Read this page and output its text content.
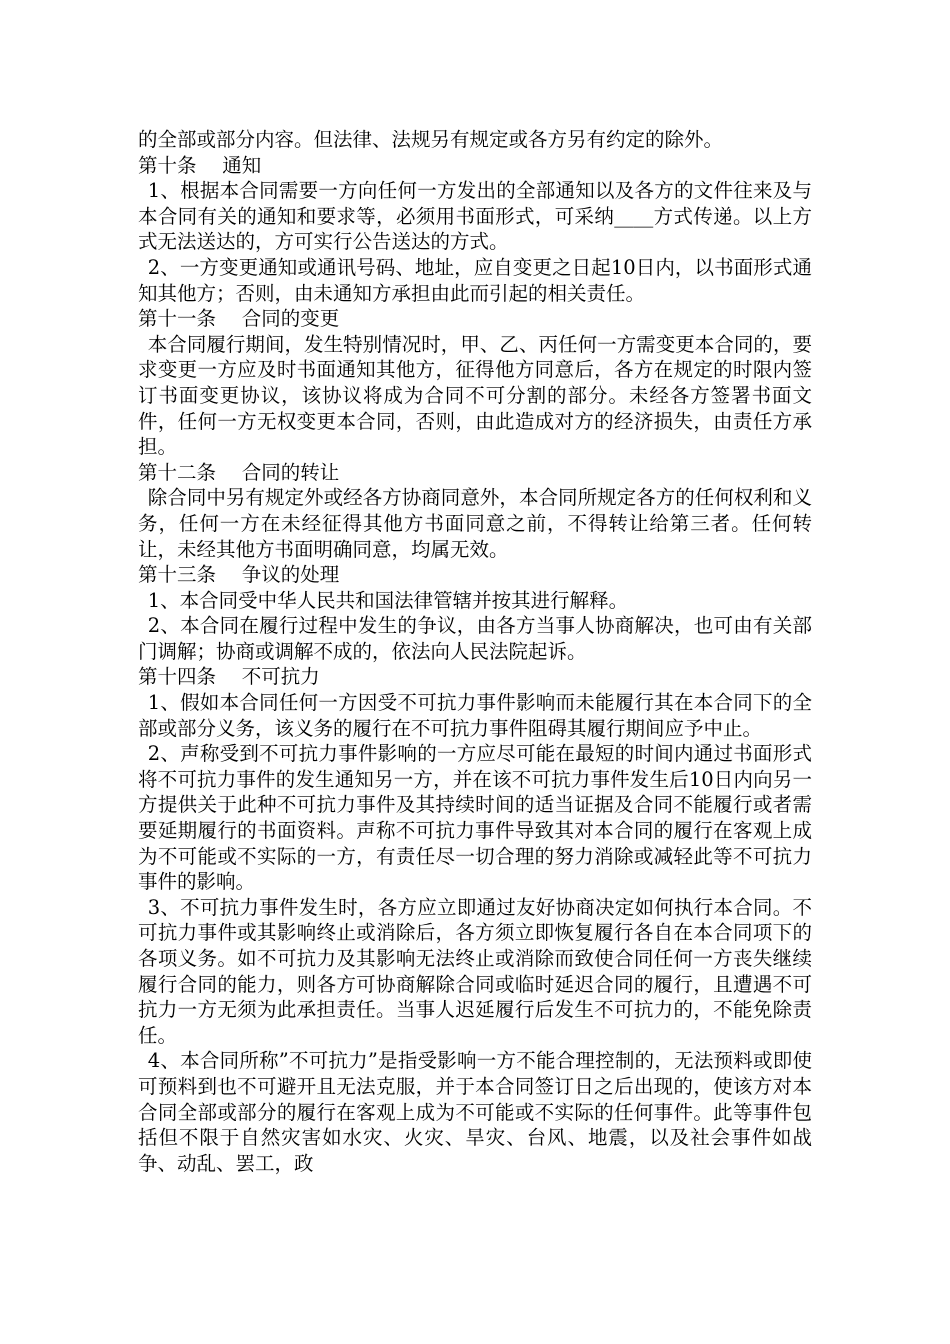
的全部或部分内容。但法律、法规另有规定或各方另有约定的除外。

第十条　 通知

1、根据本合同需要一方向任何一方发出的全部通知以及各方的文件往来及与本合同有关的通知和要求等，必须用书面形式，可采纳____方式传递。以上方式无法送达的，方可实行公告送达的方式。

2、一方变更通知或通讯号码、地址，应自变更之日起10日内，以书面形式通知其他方；否则，由未通知方承担由此而引起的相关责任。

第十一条　 合同的变更

本合同履行期间，发生特别情况时，甲、乙、丙任何一方需变更本合同的，要求变更一方应及时书面通知其他方，征得他方同意后，各方在规定的时限内签订书面变更协议，该协议将成为合同不可分割的部分。未经各方签署书面文件，任何一方无权变更本合同，否则，由此造成对方的经济损失，由责任方承担。

第十二条　 合同的转让

除合同中另有规定外或经各方协商同意外，本合同所规定各方的任何权利和义务，任何一方在未经征得其他方书面同意之前，不得转让给第三者。任何转让，未经其他方书面明确同意，均属无效。

第十三条　 争议的处理

1、本合同受中华人民共和国法律管辖并按其进行解释。

2、本合同在履行过程中发生的争议，由各方当事人协商解决，也可由有关部门调解；协商或调解不成的，依法向人民法院起诉。

第十四条　 不可抗力

1、假如本合同任何一方因受不可抗力事件影响而未能履行其在本合同下的全部或部分义务，该义务的履行在不可抗力事件阻碍其履行期间应予中止。

2、声称受到不可抗力事件影响的一方应尽可能在最短的时间内通过书面形式将不可抗力事件的发生通知另一方，并在该不可抗力事件发生后10日内向另一方提供关于此种不可抗力事件及其持续时间的适当证据及合同不能履行或者需要延期履行的书面资料。声称不可抗力事件导致其对本合同的履行在客观上成为不可能或不实际的一方，有责任尽一切合理的努力消除或减轻此等不可抗力事件的影响。

3、不可抗力事件发生时，各方应立即通过友好协商决定如何执行本合同。不可抗力事件或其影响终止或消除后，各方须立即恢复履行各自在本合同项下的各项义务。如不可抗力及其影响无法终止或消除而致使合同任何一方丧失继续履行合同的能力，则各方可协商解除合同或临时延迟合同的履行，且遭遇不可抗力一方无须为此承担责任。当事人迟延履行后发生不可抗力的，不能免除责任。

4、本合同所称”不可抗力”是指受影响一方不能合理控制的，无法预料或即使可预料到也不可避开且无法克服，并于本合同签订日之后出现的，使该方对本合同全部或部分的履行在客观上成为不可能或不实际的任何事件。此等事件包括但不限于自然灾害如水灾、火灾、旱灾、台风、地震，以及社会事件如战争、动乱、罢工，政
